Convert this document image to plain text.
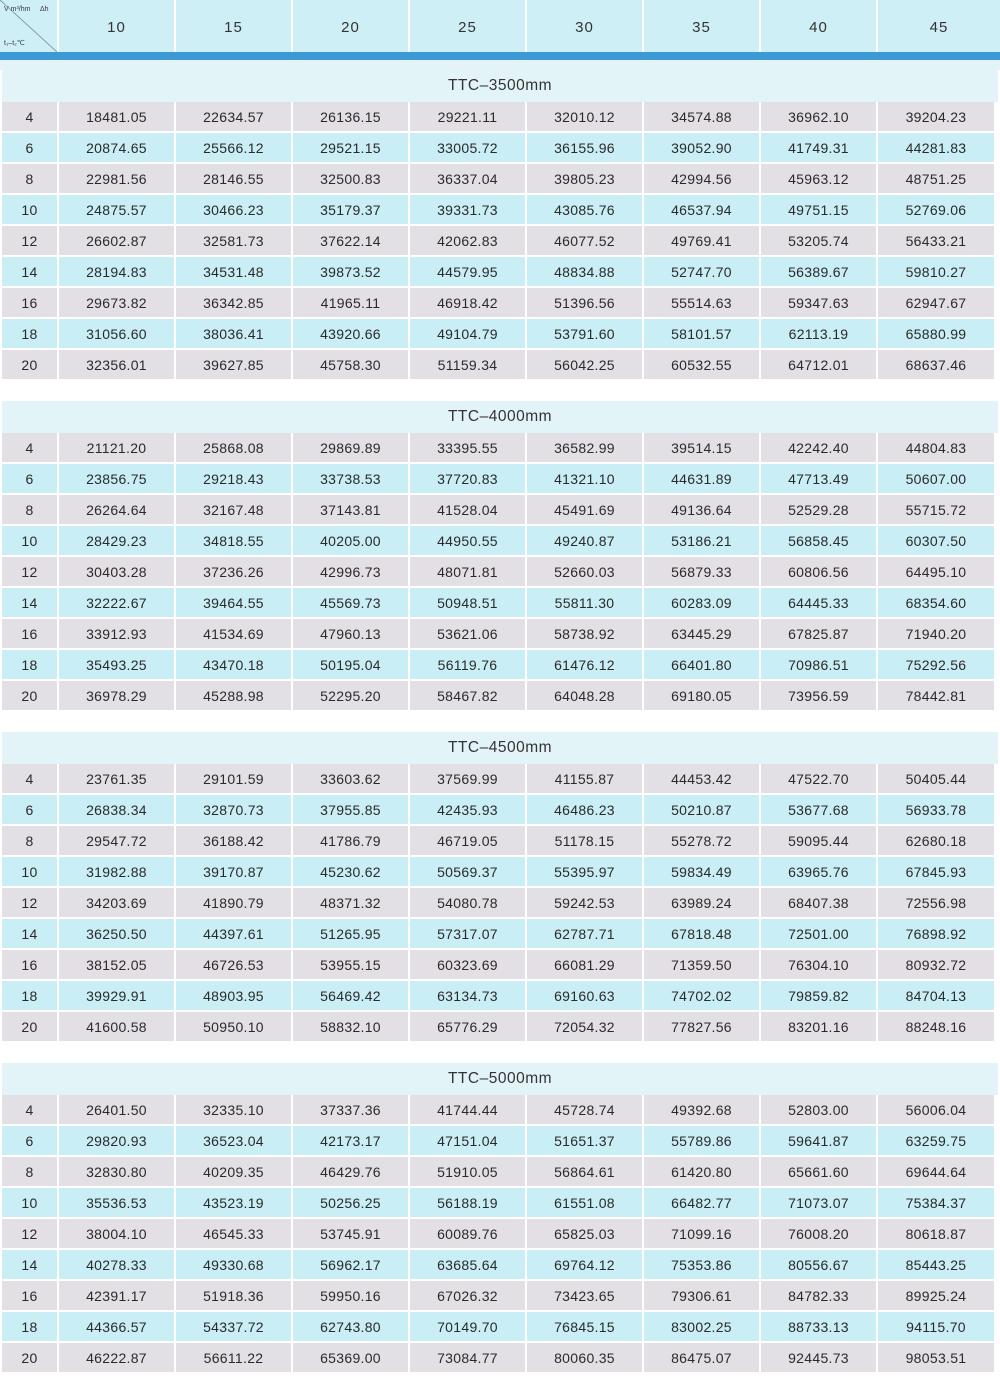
V m³/hm Δh
t₁–t₂℃
10	15	20	25	30	35	40	45
TTC–3500mm
4	18481.05	22634.57	26136.15	29221.11	32010.12	34574.88	36962.10	39204.23
6	20874.65	25566.12	29521.15	33005.72	36155.96	39052.90	41749.31	44281.83
8	22981.56	28146.55	32500.83	36337.04	39805.23	42994.56	45963.12	48751.25
10	24875.57	30466.23	35179.37	39331.73	43085.76	46537.94	49751.15	52769.06
12	26602.87	32581.73	37622.14	42062.83	46077.52	49769.41	53205.74	56433.21
14	28194.83	34531.48	39873.52	44579.95	48834.88	52747.70	56389.67	59810.27
16	29673.82	36342.85	41965.11	46918.42	51396.56	55514.63	59347.63	62947.67
18	31056.60	38036.41	43920.66	49104.79	53791.60	58101.57	62113.19	65880.99
20	32356.01	39627.85	45758.30	51159.34	56042.25	60532.55	64712.01	68637.46
TTC–4000mm
4	21121.20	25868.08	29869.89	33395.55	36582.99	39514.15	42242.40	44804.83
6	23856.75	29218.43	33738.53	37720.83	41321.10	44631.89	47713.49	50607.00
8	26264.64	32167.48	37143.81	41528.04	45491.69	49136.64	52529.28	55715.72
10	28429.23	34818.55	40205.00	44950.55	49240.87	53186.21	56858.45	60307.50
12	30403.28	37236.26	42996.73	48071.81	52660.03	56879.33	60806.56	64495.10
14	32222.67	39464.55	45569.73	50948.51	55811.30	60283.09	64445.33	68354.60
16	33912.93	41534.69	47960.13	53621.06	58738.92	63445.29	67825.87	71940.20
18	35493.25	43470.18	50195.04	56119.76	61476.12	66401.80	70986.51	75292.56
20	36978.29	45288.98	52295.20	58467.82	64048.28	69180.05	73956.59	78442.81
TTC–4500mm
4	23761.35	29101.59	33603.62	37569.99	41155.87	44453.42	47522.70	50405.44
6	26838.34	32870.73	37955.85	42435.93	46486.23	50210.87	53677.68	56933.78
8	29547.72	36188.42	41786.79	46719.05	51178.15	55278.72	59095.44	62680.18
10	31982.88	39170.87	45230.62	50569.37	55395.97	59834.49	63965.76	67845.93
12	34203.69	41890.79	48371.32	54080.78	59242.53	63989.24	68407.38	72556.98
14	36250.50	44397.61	51265.95	57317.07	62787.71	67818.48	72501.00	76898.92
16	38152.05	46726.53	53955.15	60323.69	66081.29	71359.50	76304.10	80932.72
18	39929.91	48903.95	56469.42	63134.73	69160.63	74702.02	79859.82	84704.13
20	41600.58	50950.10	58832.10	65776.29	72054.32	77827.56	83201.16	88248.16
TTC–5000mm
4	26401.50	32335.10	37337.36	41744.44	45728.74	49392.68	52803.00	56006.04
6	29820.93	36523.04	42173.17	47151.04	51651.37	55789.86	59641.87	63259.75
8	32830.80	40209.35	46429.76	51910.05	56864.61	61420.80	65661.60	69644.64
10	35536.53	43523.19	50256.25	56188.19	61551.08	66482.77	71073.07	75384.37
12	38004.10	46545.33	53745.91	60089.76	65825.03	71099.16	76008.20	80618.87
14	40278.33	49330.68	56962.17	63685.64	69764.12	75353.86	80556.67	85443.25
16	42391.17	51918.36	59950.16	67026.32	73423.65	79306.61	84782.33	89925.24
18	44366.57	54337.72	62743.80	70149.70	76845.15	83002.25	88733.13	94115.70
20	46222.87	56611.22	65369.00	73084.77	80060.35	86475.07	92445.73	98053.51
